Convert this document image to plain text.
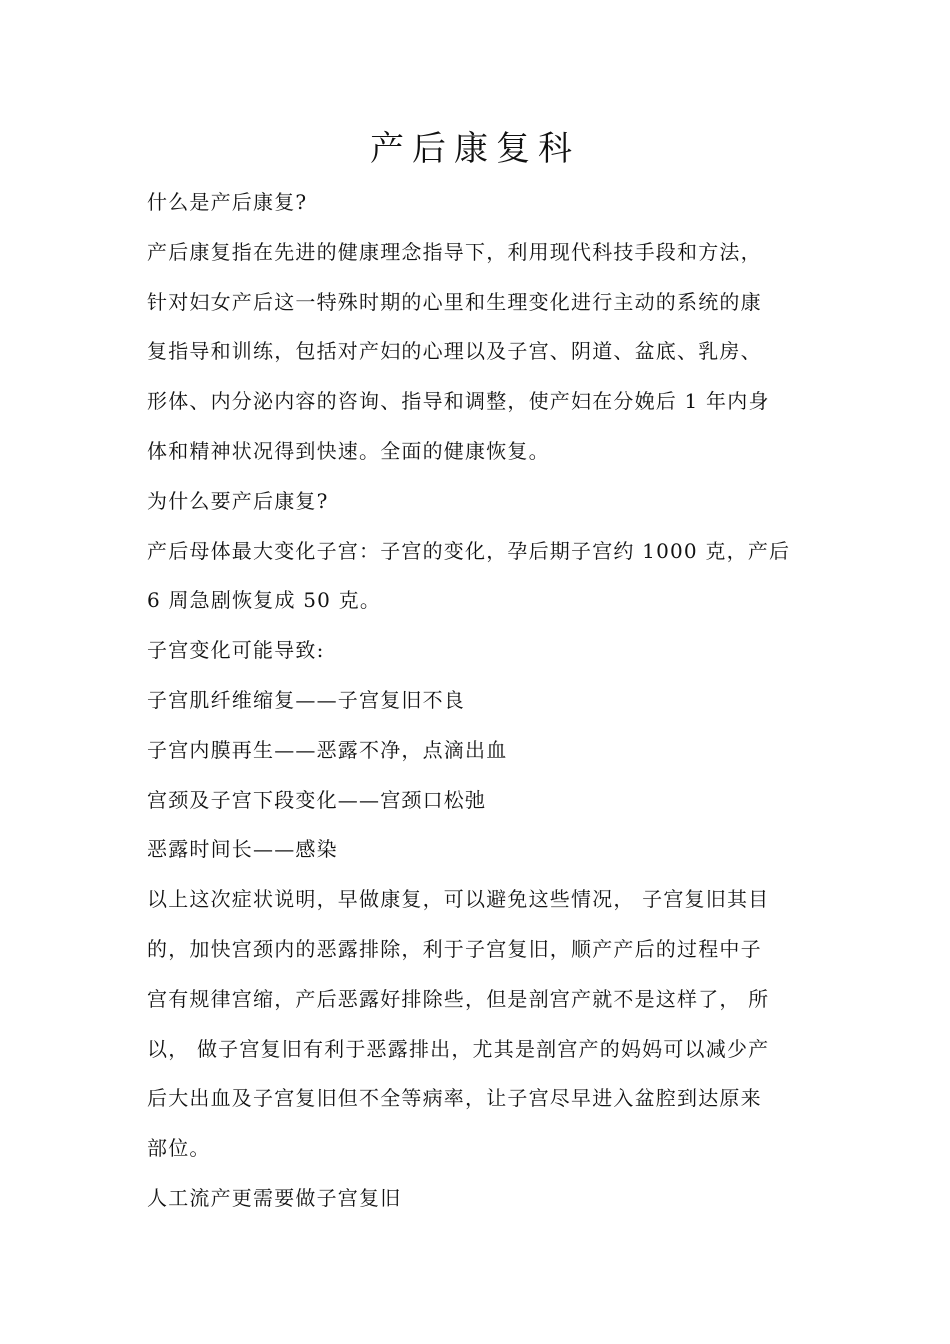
产后康复科
什么是产后康复?
产后康复指在先进的健康理念指导下，利用现代科技手段和方法，
针对妇女产后这一特殊时期的心里和生理变化进行主动的系统的康
复指导和训练，包括对产妇的心理以及子宫、阴道、盆底、乳房、
形体、内分泌内容的咨询、指导和调整，使产妇在分娩后 1 年内身
体和精神状况得到快速。全面的健康恢复。
为什么要产后康复?
产后母体最大变化子宫：子宫的变化，孕后期子宫约 1000 克，产后
6 周急剧恢复成 50 克。
子宫变化可能导致:
子宫肌纤维缩复——子宫复旧不良
子宫内膜再生——恶露不净，点滴出血
宫颈及子宫下段变化——宫颈口松弛
恶露时间长——感染
以上这次症状说明，早做康复，可以避免这些情况， 子宫复旧其目
的，加快宫颈内的恶露排除，利于子宫复旧，顺产产后的过程中子
宫有规律宫缩，产后恶露好排除些，但是剖宫产就不是这样了， 所
以， 做子宫复旧有利于恶露排出，尤其是剖宫产的妈妈可以减少产
后大出血及子宫复旧但不全等病率，让子宫尽早进入盆腔到达原来
部位。
人工流产更需要做子宫复旧
